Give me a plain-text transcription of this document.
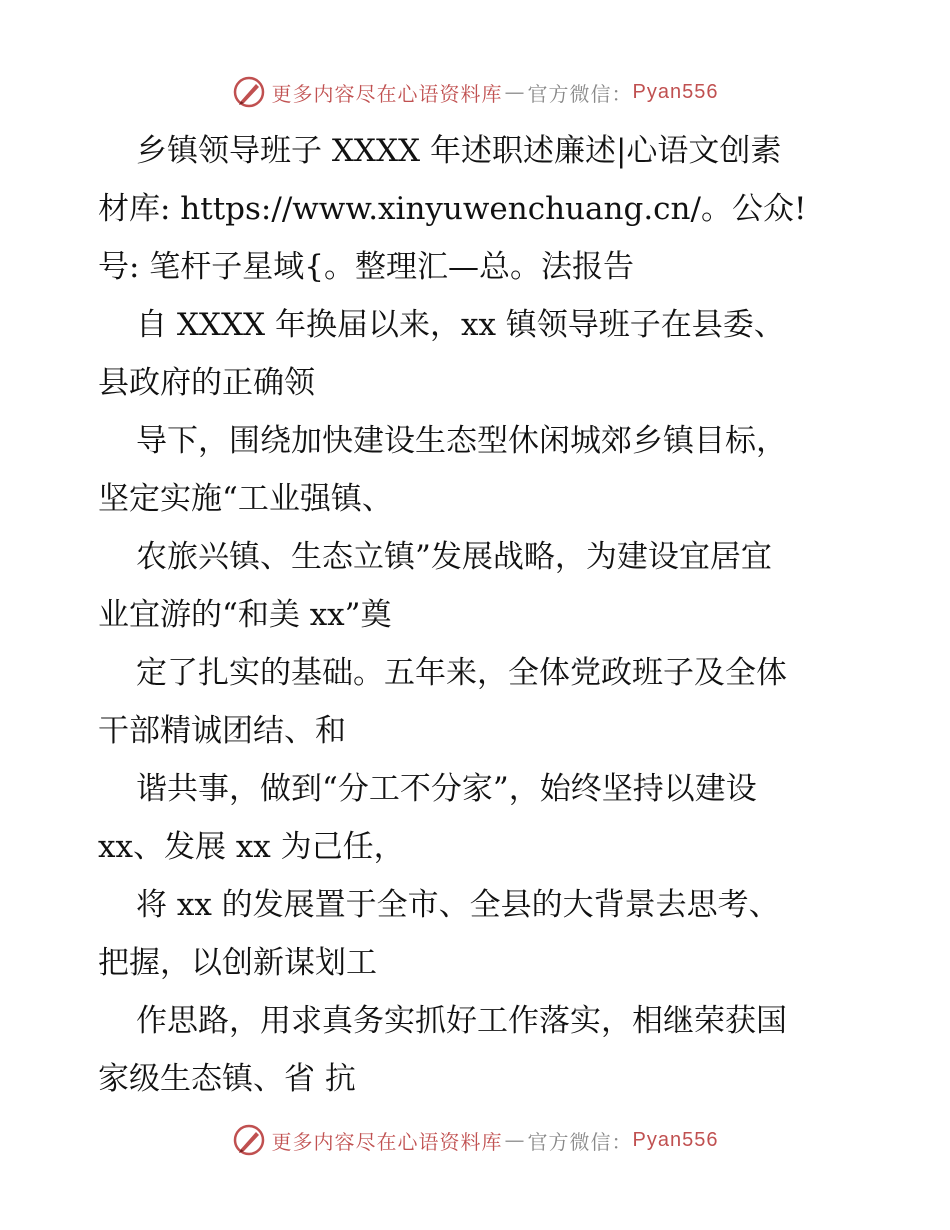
更多内容尽在心语资料库 — 官方微信： Pyan556
乡镇领导班子 XXXX 年述职述廉述|心语文创素
材库: https://www.xinyuwenchuang.cn/。公众!
号: 笔杆子星域{。整理汇—总。法报告
自 XXXX 年换届以来，xx 镇领导班子在县委、
县政府的正确领
导下，围绕加快建设生态型休闲城郊乡镇目标，
坚定实施“工业强镇、
农旅兴镇、生态立镇”发展战略，为建设宜居宜
业宜游的“和美 xx”奠
定了扎实的基础。五年来，全体党政班子及全体
干部精诚团结、和
谐共事，做到“分工不分家”，始终坚持以建设
xx、发展 xx 为己任，
将 xx 的发展置于全市、全县的大背景去思考、
把握，以创新谋划工
作思路，用求真务实抓好工作落实，相继荣获国
家级生态镇、省 抗
更多内容尽在心语资料库 — 官方微信： Pyan556
